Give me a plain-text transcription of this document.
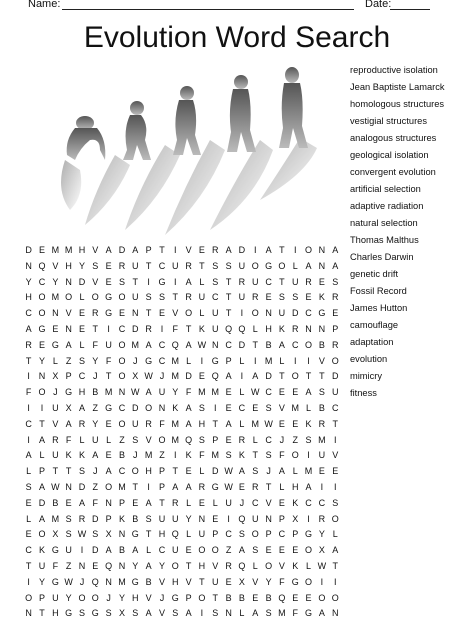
Name:	Date:
Evolution Word Search
reproductive isolation
Jean Baptiste Lamarck
homologous structures
vestigial structures
analogous structures
geological isolation
convergent evolution
artificial selection
adaptive radiation
natural selection
Thomas Malthus
Charles Darwin
genetic drift
Fossil Record
James Hutton
camouflage
adaptation
evolution
mimicry
fitness
D E M M H V A D A P T	I	V E R A D I	A T	I O N A
N Q V H Y S E R U T C U R T S S U O G O L A N A
Y C Y N D V E S T	I G I	A L S T R U C T U R E S
H O M O L O G O U S S T R U C T U R E S S E K R
C O N V E R G E N T E V O L U T	I O N U D C G E
A G E N E T	I C D R I	F T K U Q Q L H K R N N P
R E G A L F U O M A C Q A W N C D T B A C O B R
T Y L Z S Y F O J G C M L	I G P L	I M L	I	I	V O
I N X P C J T O X W J M D E Q A	I	A D T O T T D
F O J G H B M N W A U Y F M M E L W C E E A S U
I	I U X A Z G C D O N K A S	I	E C E S V M L B C
C T V A R Y E O U R F M A H T A L M W E E K R T
I	A R F L U L Z S V O M Q S P E R L C J Z S M I
A L U K K A E B J M Z	I	K F M S K T S F O I U V
L P T T S J A C O H P T E L D W A S J A L M E E
S A W N D Z O M T	I	P A A R G W E R T L H A	I	I
E D B E A F N P E A T R L E L U J C V E K C C S
L A M S R D P K B S U U Y N E	I Q U N P X	I R O
E O X S W S X N G T H Q L U P C S O P C P G Y L
C K G U I D A B A L C U E O O Z A S E E E O X A
T U F Z N E Q N Y A Y O T H V R Q L O V K L W T
I	Y G W J Q N M G B V H V T U E X V Y F G O I	I
O P U Y O O J Y H V J G P O T B B E B Q E E O O
N T H G S G S X S A V S A	I	S N L A S M F G A N
